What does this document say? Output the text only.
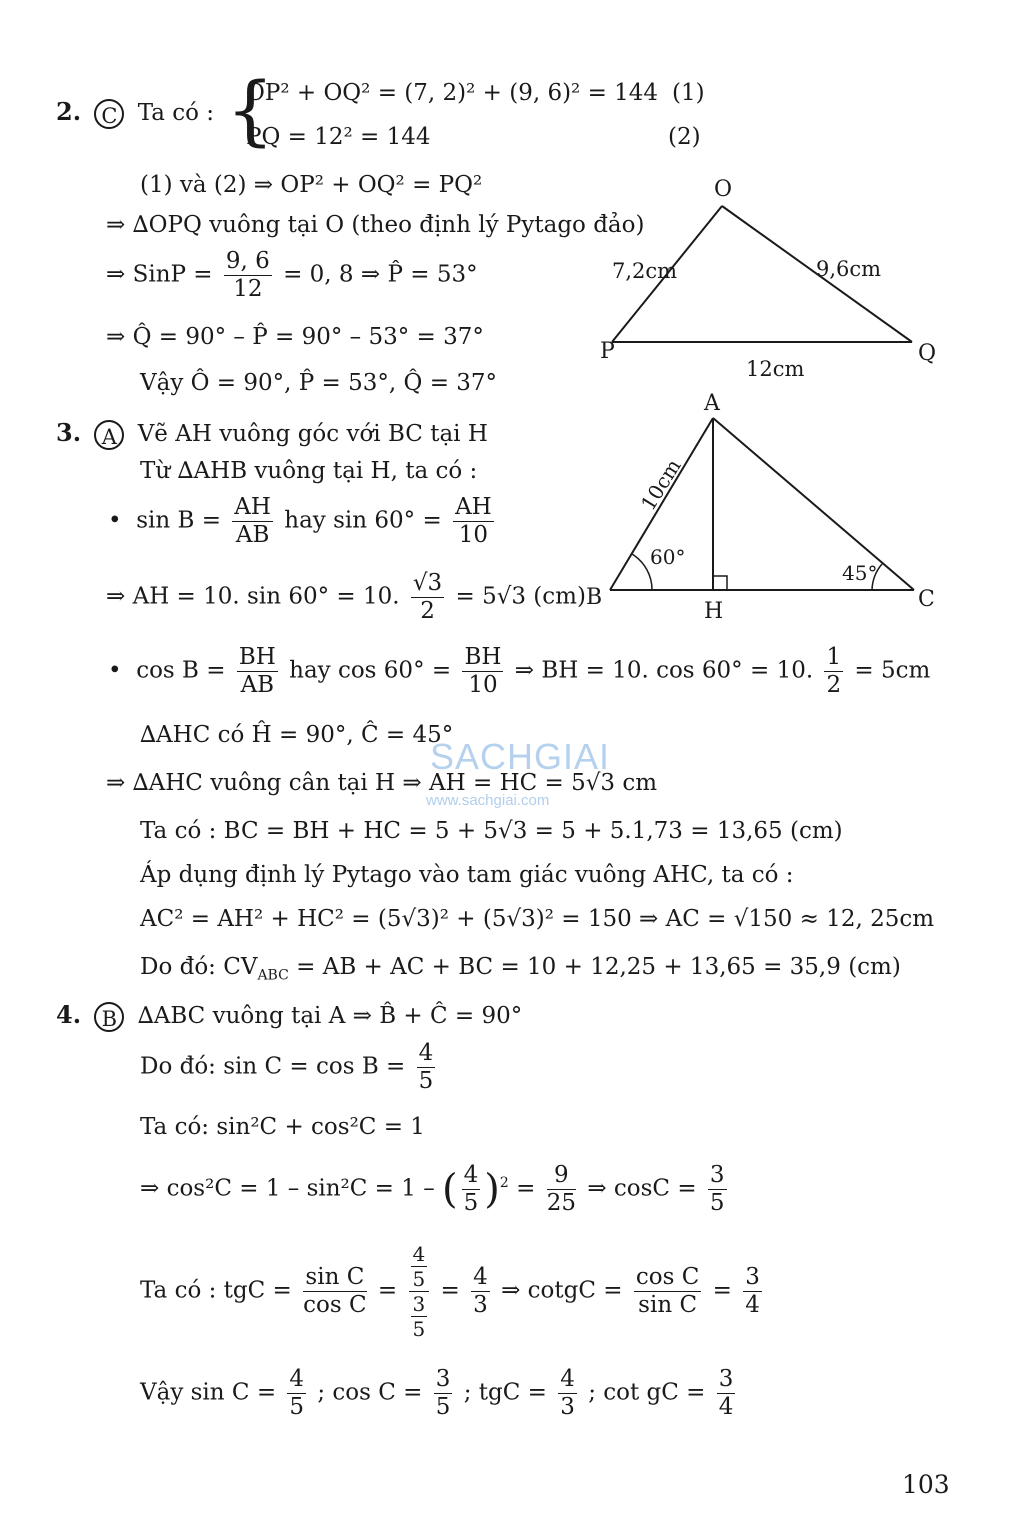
2. C Ta có : {
OP² + OQ² = (7, 2)² + (9, 6)² = 144 (1)
PQ = 12² = 144	(2)
(1) và (2) ⇒ OP² + OQ² = PQ²
⇒ ∆OPQ vuông tại O (theo định lý Pytago đảo)
⇒ SinP = $\frac{9, 6}{12} = 0$, 8 ⇒ P̂ = 53°
⇒ Q̂ = 90° – P̂ = 90° – 53° = 37°
Vậy Ô = 90°, P̂ = 53°, Q̂ = 37°
O
P	Q
7,2cm	9,6cm
12cm
3. A Vẽ AH vuông góc với BC tại H
Từ ∆AHB vuông tại H, ta có :
• $\sin B = \frac{AH}{AB}$ hay $\sin 60^\circ = \frac{AH}{10}$
⇒ AH = 10. sin 60° = 10. $\frac{√3}{2} = 5√3$ (cm)
• $\cos B = \frac{BH}{AB}$ hay $\cos 60^\circ = \frac{BH}{10}$ ⇒ BH = 10. cos 60° = 10. $\frac{1}{2} = 5cm$
∆AHC có Ĥ = 90°, Ĉ = 45°
⇒ ∆AHC vuông cân tại H ⇒ AH = HC = 5√3 cm
Ta có : BC = BH + HC = 5 + 5√3 = 5 + 5.1,73 = 13,65 (cm)
Áp dụng định lý Pytago vào tam giác vuông AHC, ta có :
AC² = AH² + HC² = (5√3)² + (5√3)² = 150 ⇒ AC = √150 ≈ 12, 25cm
Do đó: $CV_{ABC}$ = AB + AC + BC = 10 + 12,25 + 13,65 = 35,9 (cm)
A
B	C
H
60°
45°
10cm
SACHGIAI
www.sachgiai.com
4. B ∆ABC vuông tại A ⇒ B̂ + Ĉ = 90°
Do đó: $\sin C = \cos B = \frac{4}{5}$
Ta có: sin²C + cos²C = 1
⇒ cos²C = 1 – sin²C = 1 – ( $\frac{4}{5} )^2 = \frac{9}{25}$ ⇒ $\cos C = \frac{3}{5}$
Ta có : tgC = $\frac{\text{sin C}}{\text{cos C}} = \frac{\frac{4}{5}}{\frac{3}{5}} = \frac{4}{3}$ ⇒ cotgC = $\frac{\text{cos C}}{\text{sin C}} = \frac{3}{4}$
Vậy $\sin C = \frac{4}{5}$ ; $\cos C = \frac{3}{5}$ ; tgC = $\frac{4}{3}$ ; cot gC = $\frac{3}{4}$
103
